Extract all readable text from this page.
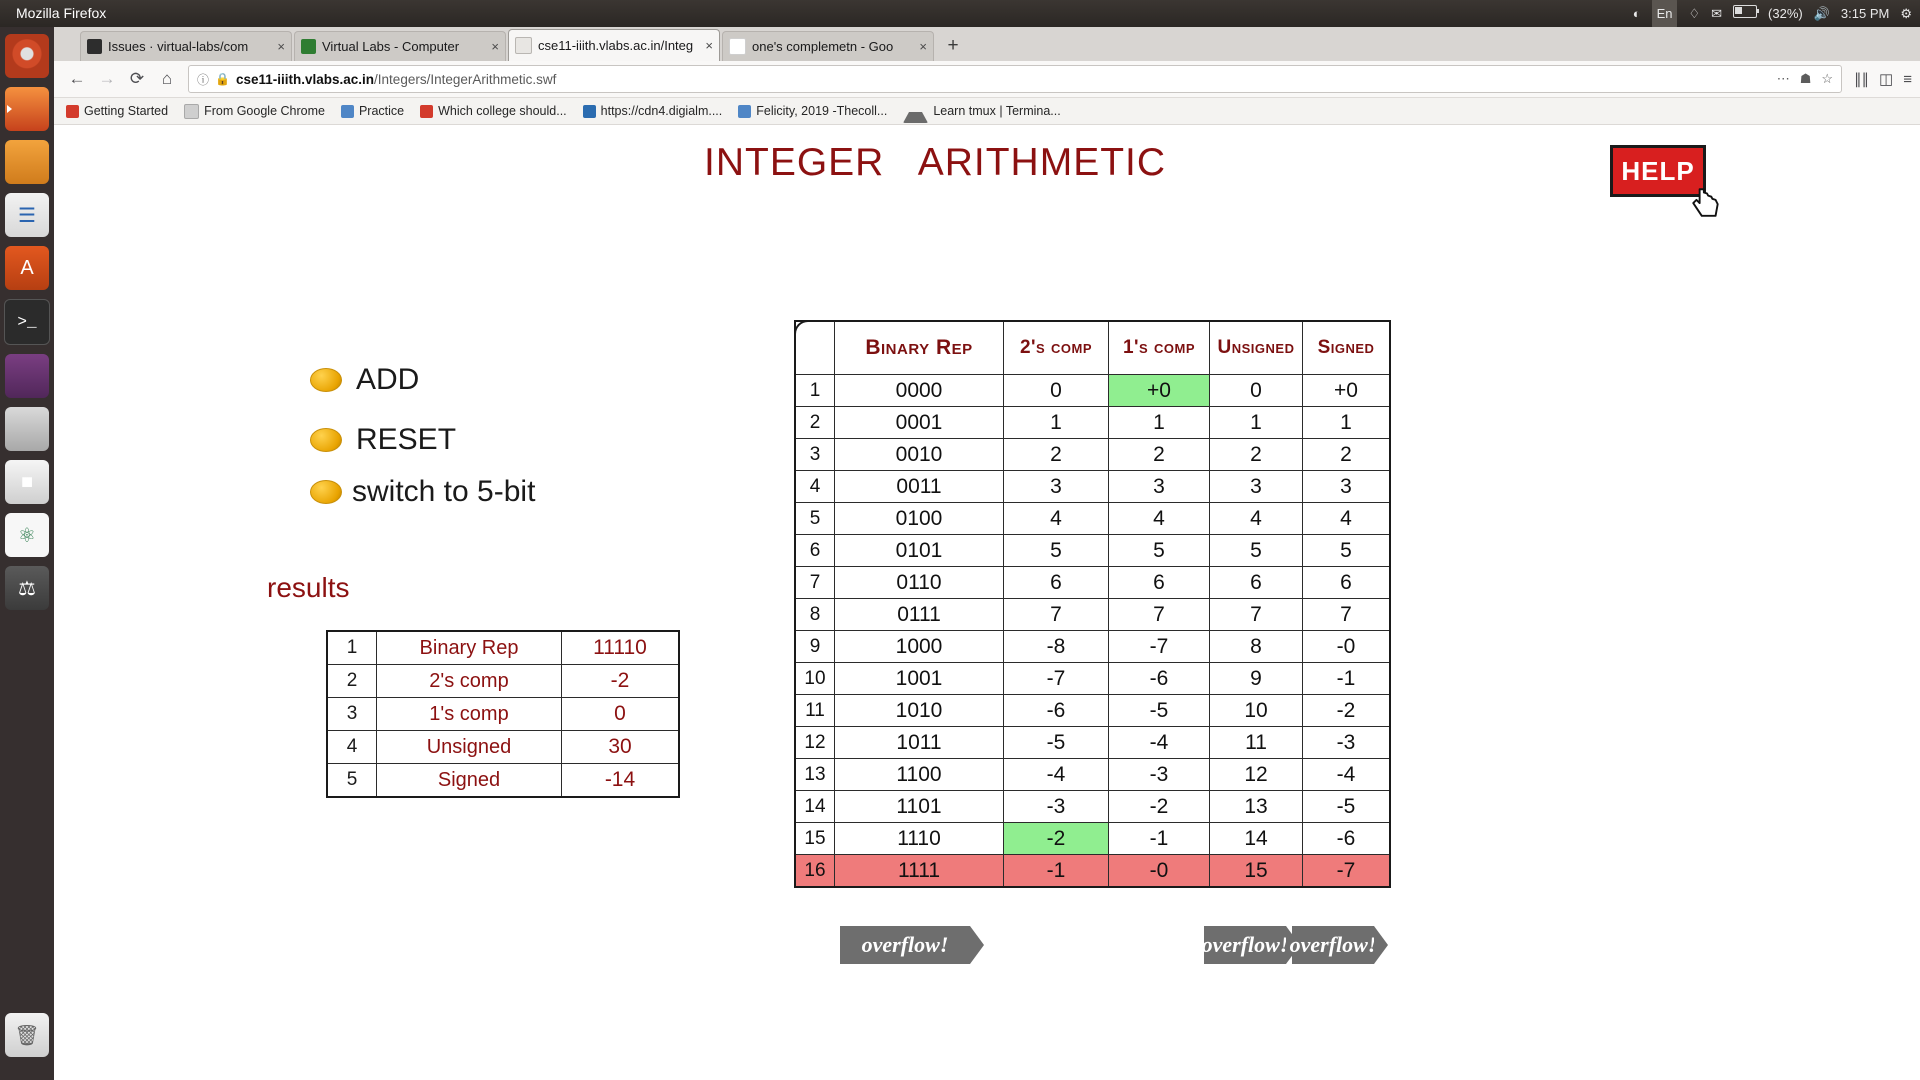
Mozilla Firefox	◐	En	♢ ✉	(32%) 🔊 3:15 PM ⚙
☰
A
>_
■
⚛
⚖
🗑
Issues · virtual-labs/com	×	Virtual Labs - Computer	×	cse11-iiith.vlabs.ac.in/Integ ×	G one's complemetn - Goo	×	+
← → ⟳	⌂	ⓘ 🔒 cse11-iiith.vlabs.ac.in/Integers/IntegerArithmetic.swf	⋯ ☗ ☆ ∥∥ ◫ ≡
Getting Started	From Google Chrome	Practice	Which college should...	https://cdn4.digialm....	Felicity, 2019 -Thecoll...	Learn tmux | Termina...
INTEGER   ARITHMETIC	HELP
ADD
RESET
switch to 5-bit
results
1	Binary Rep	11110
2	2's comp	-2
3	1's comp	0
4	Unsigned	30
5	Signed	-14
	Binary Rep	2's comp	1's comp	Unsigned	Signed
1	0000	0	+0	0	+0
2	0001	1	1	1	1
3	0010	2	2	2	2
4	0011	3	3	3	3
5	0100	4	4	4	4
6	0101	5	5	5	5
7	0110	6	6	6	6
8	0111	7	7	7	7
9	1000	-8	-7	8	-0
10	1001	-7	-6	9	-1
11	1010	-6	-5	10	-2
12	1011	-5	-4	11	-3
13	1100	-4	-3	12	-4
14	1101	-3	-2	13	-5
15	1110	-2	-1	14	-6
16	1111	-1	-0	15	-7
overflow!	overflow! overflow!
